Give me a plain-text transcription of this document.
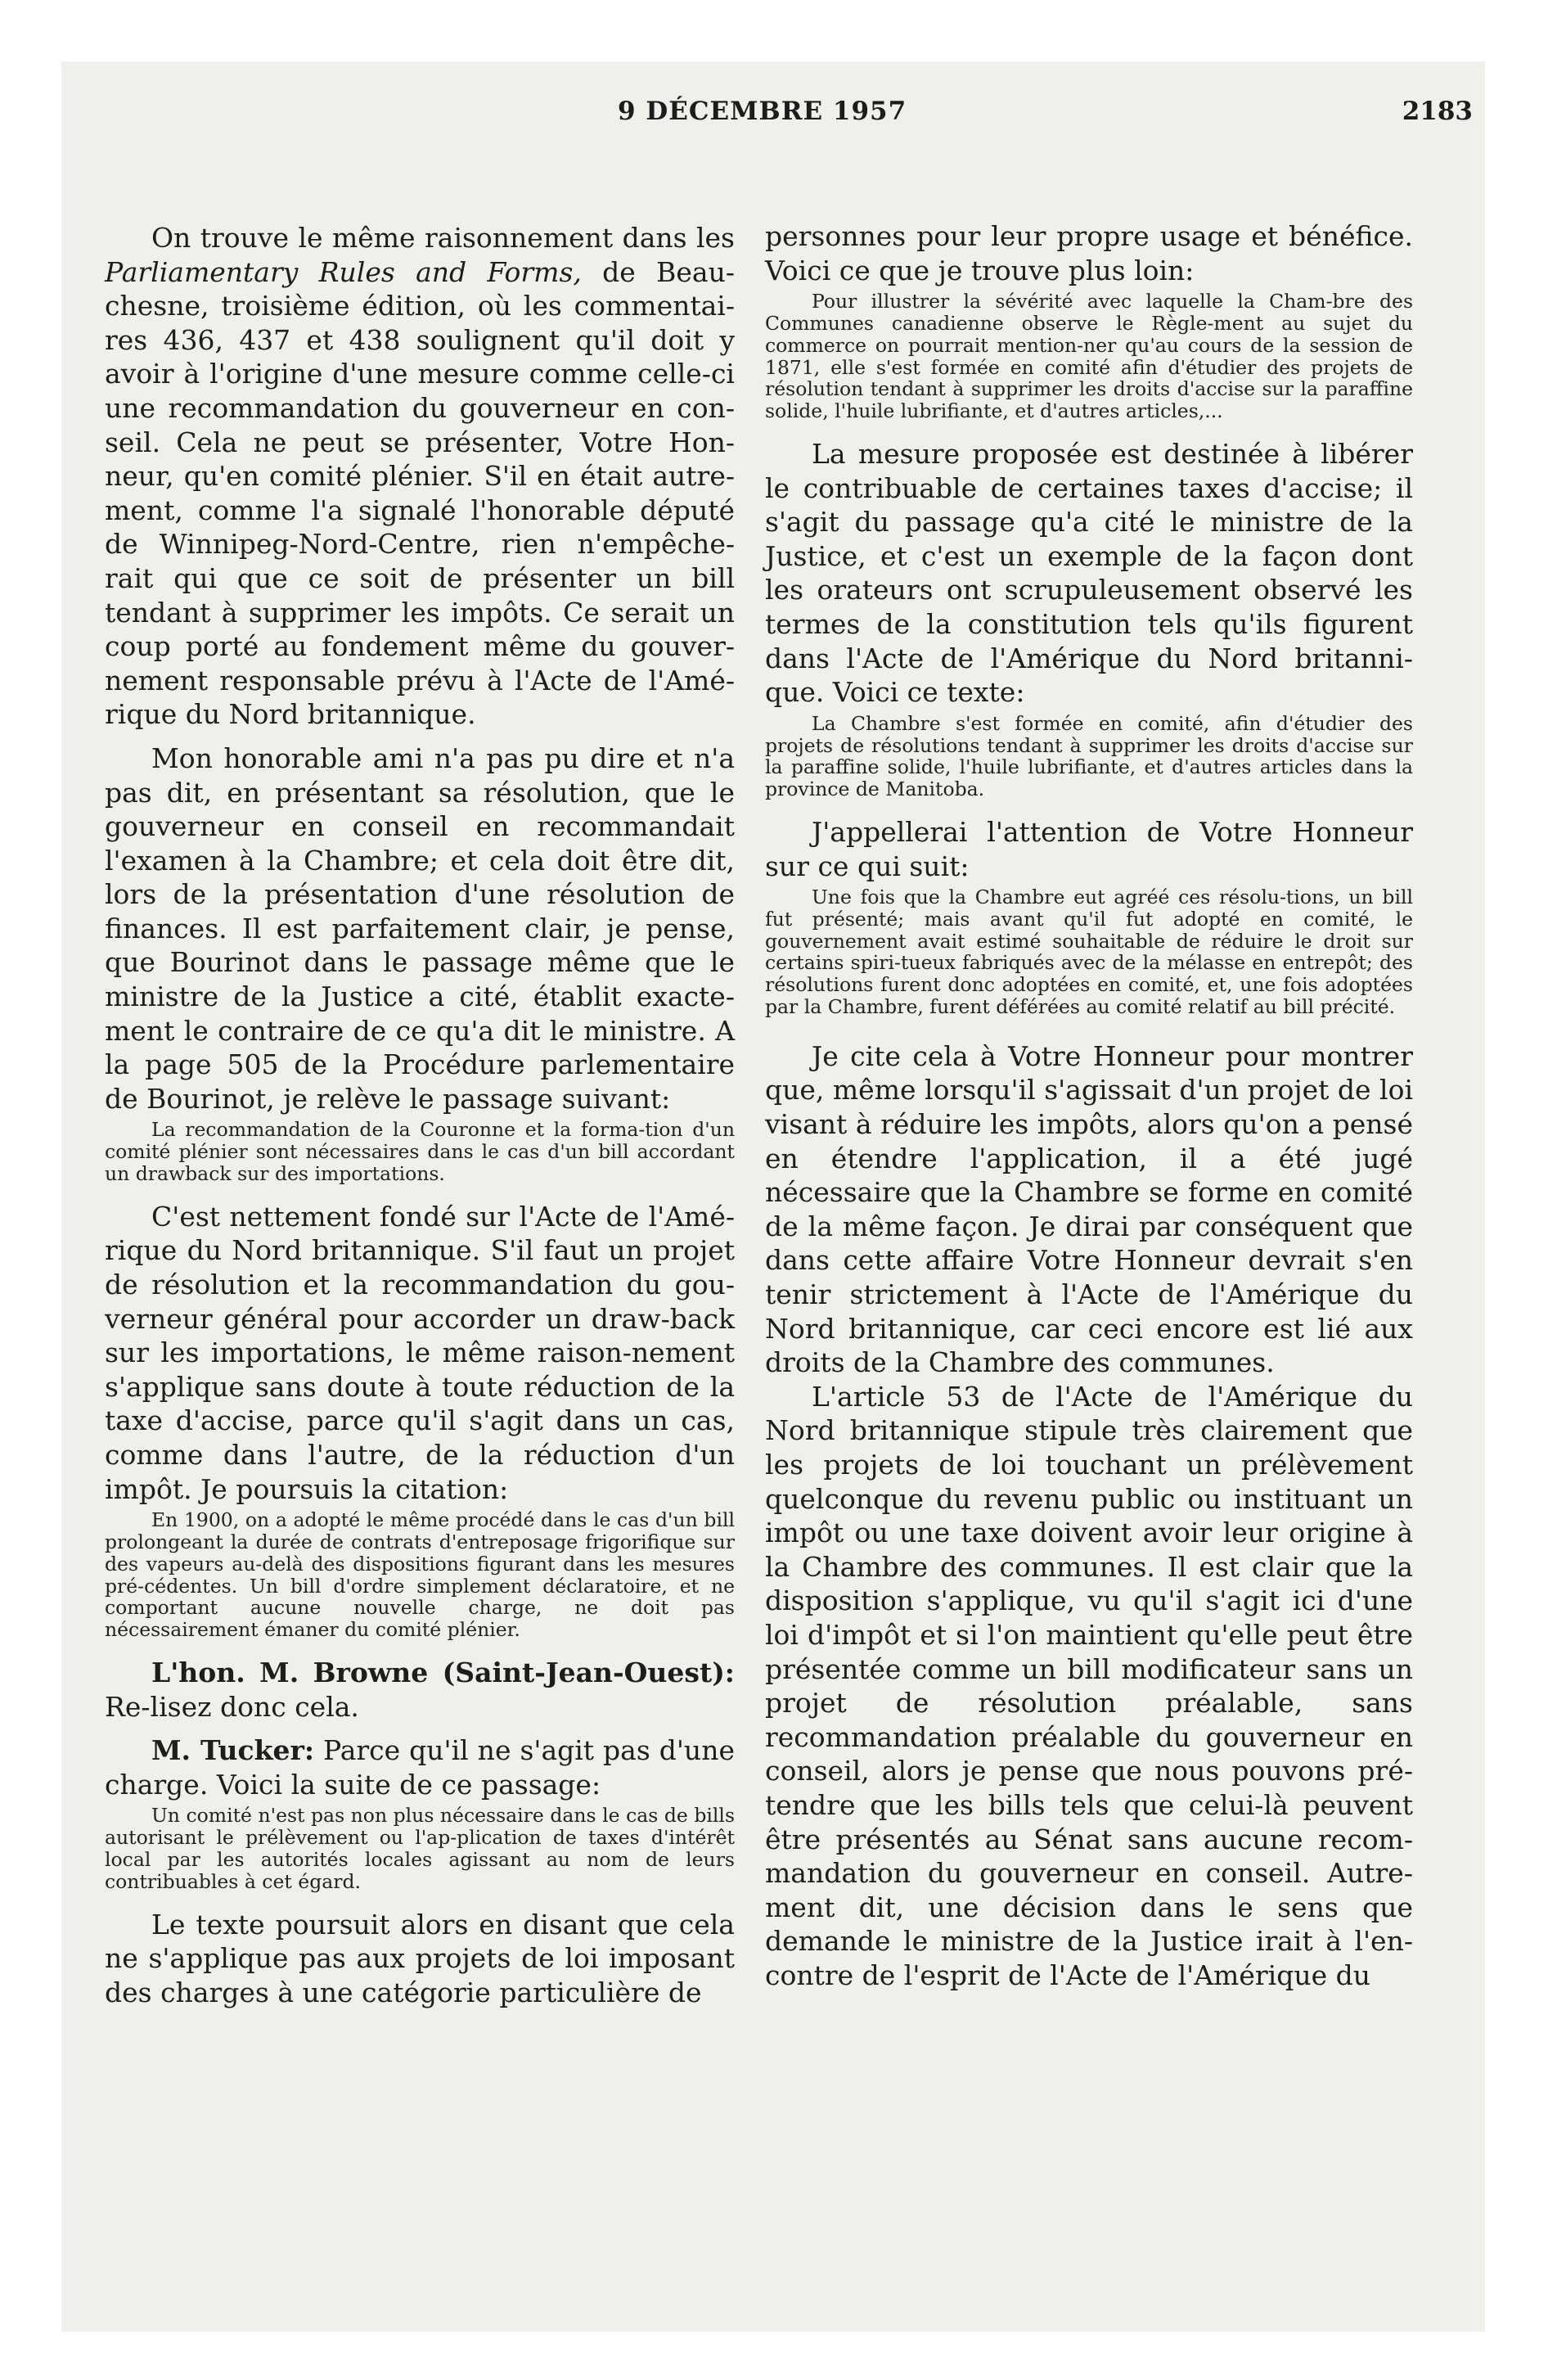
9 DÉCEMBRE 1957	2183

On trouve le même raisonnement dans les Parliamentary Rules and Forms, de Beau-chesne, troisième édition, où les commentai-res 436, 437 et 438 soulignent qu'il doit y avoir à l'origine d'une mesure comme celle-ci une recommandation du gouverneur en con-seil. Cela ne peut se présenter, Votre Hon-neur, qu'en comité plénier. S'il en était autre-ment, comme l'a signalé l'honorable député de Winnipeg-Nord-Centre, rien n'empêche-rait qui que ce soit de présenter un bill tendant à supprimer les impôts. Ce serait un coup porté au fondement même du gouver-nement responsable prévu à l'Acte de l'Amé-rique du Nord britannique.

Mon honorable ami n'a pas pu dire et n'a pas dit, en présentant sa résolution, que le gouverneur en conseil en recommandait l'examen à la Chambre; et cela doit être dit, lors de la présentation d'une résolution de finances. Il est parfaitement clair, je pense, que Bourinot dans le passage même que le ministre de la Justice a cité, établit exacte-ment le contraire de ce qu'a dit le ministre. A la page 505 de la Procédure parlementaire de Bourinot, je relève le passage suivant:

La recommandation de la Couronne et la forma-tion d'un comité plénier sont nécessaires dans le cas d'un bill accordant un drawback sur des importations.

C'est nettement fondé sur l'Acte de l'Amé-rique du Nord britannique. S'il faut un projet de résolution et la recommandation du gou-verneur général pour accorder un draw-back sur les importations, le même raison-nement s'applique sans doute à toute réduction de la taxe d'accise, parce qu'il s'agit dans un cas, comme dans l'autre, de la réduction d'un impôt. Je poursuis la citation:

En 1900, on a adopté le même procédé dans le cas d'un bill prolongeant la durée de contrats d'entreposage frigorifique sur des vapeurs au-delà des dispositions figurant dans les mesures pré-cédentes. Un bill d'ordre simplement déclaratoire, et ne comportant aucune nouvelle charge, ne doit pas nécessairement émaner du comité plénier.

L'hon. M. Browne (Saint-Jean-Ouest): Re-lisez donc cela.

M. Tucker: Parce qu'il ne s'agit pas d'une charge. Voici la suite de ce passage:

Un comité n'est pas non plus nécessaire dans le cas de bills autorisant le prélèvement ou l'ap-plication de taxes d'intérêt local par les autorités locales agissant au nom de leurs contribuables à cet égard.

Le texte poursuit alors en disant que cela ne s'applique pas aux projets de loi imposant des charges à une catégorie particulière de

personnes pour leur propre usage et bénéfice. Voici ce que je trouve plus loin:

Pour illustrer la sévérité avec laquelle la Cham-bre des Communes canadienne observe le Règle-ment au sujet du commerce on pourrait mention-ner qu'au cours de la session de 1871, elle s'est formée en comité afin d'étudier des projets de résolution tendant à supprimer les droits d'accise sur la paraffine solide, l'huile lubrifiante, et d'autres articles,...

La mesure proposée est destinée à libérer le contribuable de certaines taxes d'accise; il s'agit du passage qu'a cité le ministre de la Justice, et c'est un exemple de la façon dont les orateurs ont scrupuleusement observé les termes de la constitution tels qu'ils figurent dans l'Acte de l'Amérique du Nord britanni-que. Voici ce texte:

La Chambre s'est formée en comité, afin d'étudier des projets de résolutions tendant à supprimer les droits d'accise sur la paraffine solide, l'huile lubrifiante, et d'autres articles dans la province de Manitoba.

J'appellerai l'attention de Votre Honneur sur ce qui suit:

Une fois que la Chambre eut agréé ces résolu-tions, un bill fut présenté; mais avant qu'il fut adopté en comité, le gouvernement avait estimé souhaitable de réduire le droit sur certains spiri-tueux fabriqués avec de la mélasse en entrepôt; des résolutions furent donc adoptées en comité, et, une fois adoptées par la Chambre, furent déférées au comité relatif au bill précité.

Je cite cela à Votre Honneur pour montrer que, même lorsqu'il s'agissait d'un projet de loi visant à réduire les impôts, alors qu'on a pensé en étendre l'application, il a été jugé nécessaire que la Chambre se forme en comité de la même façon. Je dirai par conséquent que dans cette affaire Votre Honneur devrait s'en tenir strictement à l'Acte de l'Amérique du Nord britannique, car ceci encore est lié aux droits de la Chambre des communes.

L'article 53 de l'Acte de l'Amérique du Nord britannique stipule très clairement que les projets de loi touchant un prélèvement quelconque du revenu public ou instituant un impôt ou une taxe doivent avoir leur origine à la Chambre des communes. Il est clair que la disposition s'applique, vu qu'il s'agit ici d'une loi d'impôt et si l'on maintient qu'elle peut être présentée comme un bill modificateur sans un projet de résolution préalable, sans recommandation préalable du gouverneur en conseil, alors je pense que nous pouvons pré-tendre que les bills tels que celui-là peuvent être présentés au Sénat sans aucune recom-mandation du gouverneur en conseil. Autre-ment dit, une décision dans le sens que demande le ministre de la Justice irait à l'en-contre de l'esprit de l'Acte de l'Amérique du
